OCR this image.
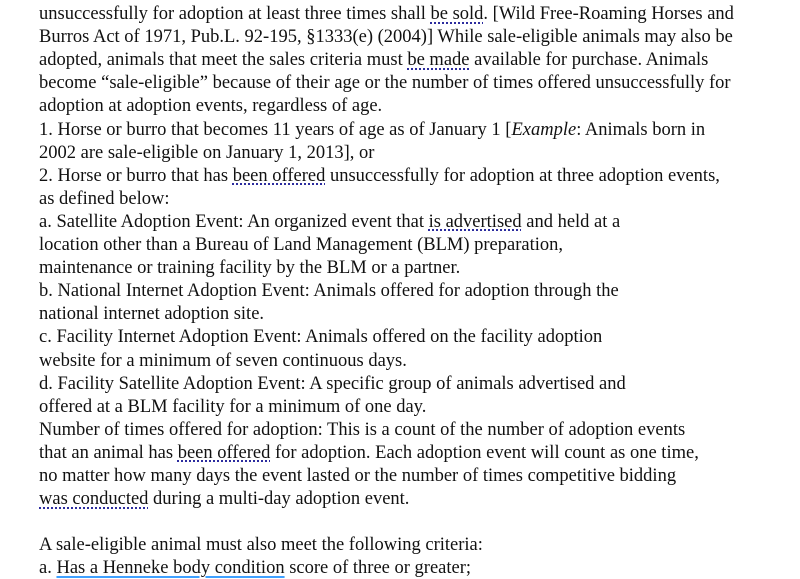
unsuccessfully for adoption at least three times shall be sold. [Wild Free-Roaming Horses and
Burros Act of 1971, Pub.L. 92-195, §1333(e) (2004)] While sale-eligible animals may also be
adopted, animals that meet the sales criteria must be made available for purchase. Animals
become “sale-eligible” because of their age or the number of times offered unsuccessfully for
adoption at adoption events, regardless of age.
1. Horse or burro that becomes 11 years of age as of January 1 [Example: Animals born in
2002 are sale-eligible on January 1, 2013], or
2. Horse or burro that has been offered unsuccessfully for adoption at three adoption events,
as defined below:
a. Satellite Adoption Event: An organized event that is advertised and held at a
location other than a Bureau of Land Management (BLM) preparation,
maintenance or training facility by the BLM or a partner.
b. National Internet Adoption Event: Animals offered for adoption through the
national internet adoption site.
c. Facility Internet Adoption Event: Animals offered on the facility adoption
website for a minimum of seven continuous days.
d. Facility Satellite Adoption Event: A specific group of animals advertised and
offered at a BLM facility for a minimum of one day.
Number of times offered for adoption: This is a count of the number of adoption events
that an animal has been offered for adoption. Each adoption event will count as one time,
no matter how many days the event lasted or the number of times competitive bidding
was conducted during a multi-day adoption event.
A sale-eligible animal must also meet the following criteria:
a. Has a Henneke body condition score of three or greater;
